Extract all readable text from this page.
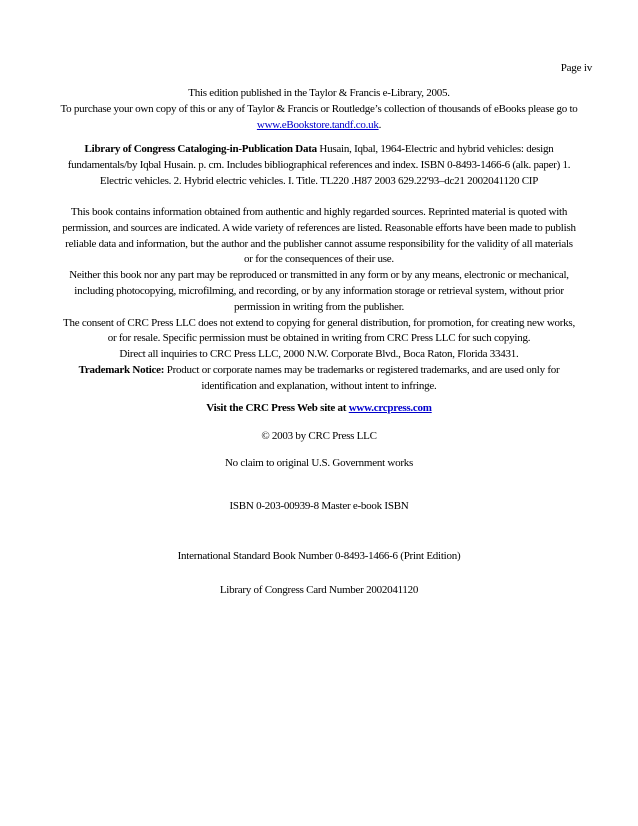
Page iv

This edition published in the Taylor & Francis e-Library, 2005.

To purchase your own copy of this or any of Taylor & Francis or Routledge’s collection of thousands of eBooks please go to www.eBookstore.tandf.co.uk.

Library of Congress Cataloging-in-Publication Data Husain, Iqbal, 1964-Electric and hybrid vehicles: design fundamentals/by Iqbal Husain. p. cm. Includes bibliographical references and index. ISBN 0-8493-1466-6 (alk. paper) 1. Electric vehicles. 2. Hybrid electric vehicles. I. Title. TL220 .H87 2003 629.22'93–dc21 2002041120 CIP

This book contains information obtained from authentic and highly regarded sources. Reprinted material is quoted with permission, and sources are indicated. A wide variety of references are listed. Reasonable efforts have been made to publish reliable data and information, but the author and the publisher cannot assume responsibility for the validity of all materials or for the consequences of their use.

Neither this book nor any part may be reproduced or transmitted in any form or by any means, electronic or mechanical, including photocopying, microfilming, and recording, or by any information storage or retrieval system, without prior permission in writing from the publisher.

The consent of CRC Press LLC does not extend to copying for general distribution, for promotion, for creating new works, or for resale. Specific permission must be obtained in writing from CRC Press LLC for such copying.

Direct all inquiries to CRC Press LLC, 2000 N.W. Corporate Blvd., Boca Raton, Florida 33431.

Trademark Notice: Product or corporate names may be trademarks or registered trademarks, and are used only for identification and explanation, without intent to infringe.

Visit the CRC Press Web site at www.crcpress.com
© 2003 by CRC Press LLC
No claim to original U.S. Government works
ISBN 0-203-00939-8 Master e-book ISBN
International Standard Book Number 0-8493-1466-6 (Print Edition)
Library of Congress Card Number 2002041120
